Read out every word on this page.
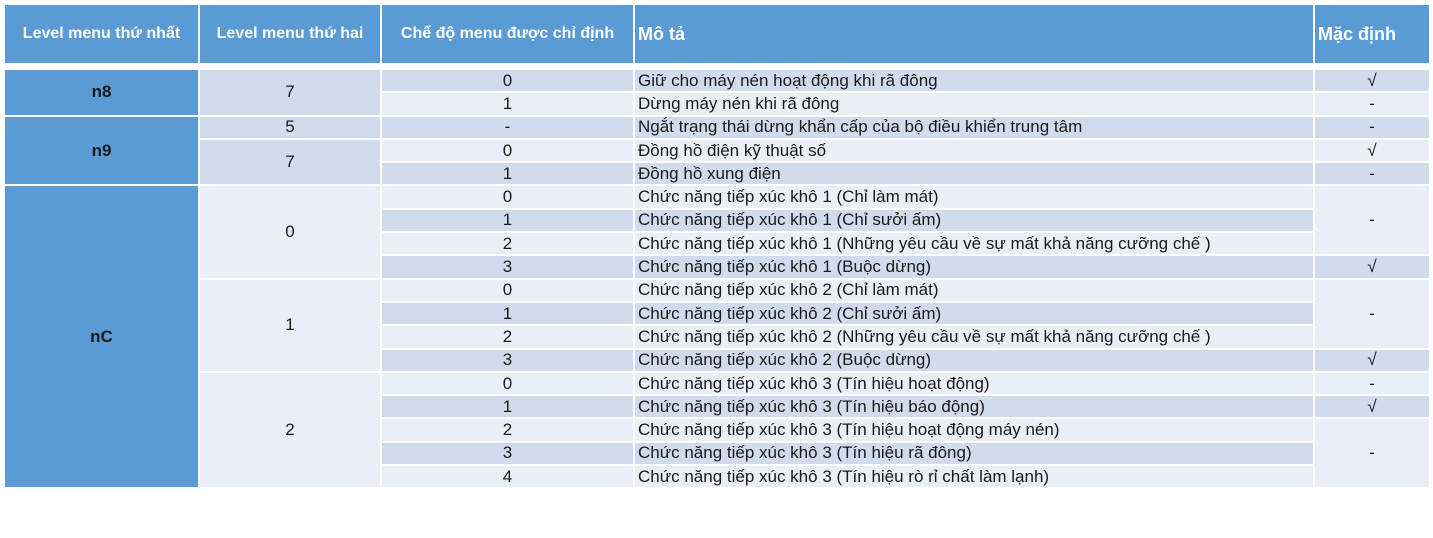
Level menu thứ nhất	Level menu thứ hai	Chế độ menu được chỉ định	Mô tả	Mặc định

n8	7	0	Giữ cho máy nén hoạt động khi rã đông	√
		1	Dừng máy nén khi rã đông	-
n9	5	-	Ngắt trạng thái dừng khẩn cấp của bộ điều khiển trung tâm	-
	7	0	Đồng hồ điện kỹ thuật số	√
		1	Đồng hồ xung điện	-
nC	0	0	Chức năng tiếp xúc khô 1 (Chỉ làm mát)	-
		1	Chức năng tiếp xúc khô 1 (Chỉ sưởi ấm)	
		2	Chức năng tiếp xúc khô 1 (Những yêu cầu về sự mất khả năng cưỡng chế )	
		3	Chức năng tiếp xúc khô 1 (Buộc dừng)	√
	1	0	Chức năng tiếp xúc khô 2 (Chỉ làm mát)	-
		1	Chức năng tiếp xúc khô 2 (Chỉ sưởi ấm)	
		2	Chức năng tiếp xúc khô 2 (Những yêu cầu về sự mất khả năng cưỡng chế )	
		3	Chức năng tiếp xúc khô 2 (Buộc dừng)	√
	2	0	Chức năng tiếp xúc khô 3 (Tín hiệu hoạt động)	-
		1	Chức năng tiếp xúc khô 3 (Tín hiệu báo động)	√
		2	Chức năng tiếp xúc khô 3 (Tín hiệu hoạt động máy nén)	-
		3	Chức năng tiếp xúc khô 3 (Tín hiệu rã đông)	
		4	Chức năng tiếp xúc khô 3 (Tín hiệu rò rỉ chất làm lạnh)	
